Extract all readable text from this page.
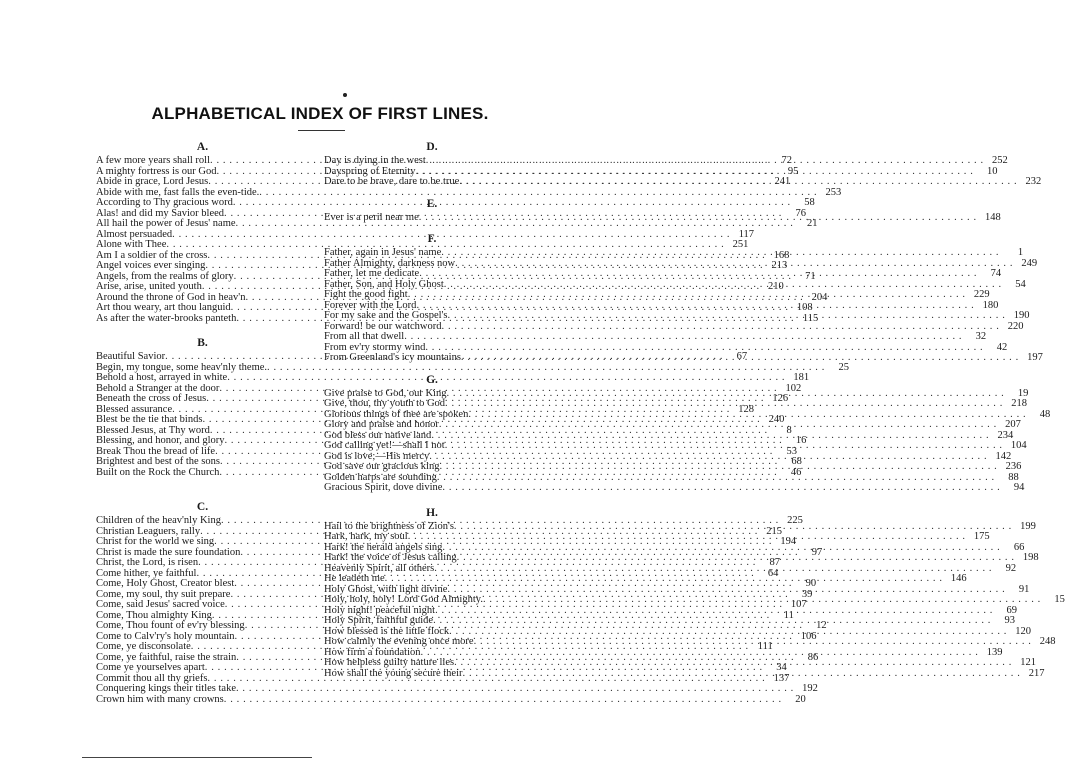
ALPHABETICAL INDEX OF FIRST LINES.
A.
A few more years shall roll . . .	72
A mighty fortress is our God . . .	95
Abide in grace, Lord Jesus . . .	241
Abide with me, fast falls the even-tide. . . .	253
According to Thy gracious word . . .	58
Alas! and did my Savior bleed . . .	76
All hail the power of Jesus' name . . .	21
Almost persuaded . . .	117
Alone with Thee . . .	251
Am I a soldier of the cross . . .	168
Angel voices ever singing . . .	213
Angels, from the realms of glory . . .	71
Arise, arise, united youth . . .	210
Around the throne of God in heav'n . . .	204
Art thou weary, art thou languid . . .	108
As after the water-brooks panteth . . .	115
B.
Beautiful Savior . . .	67
Begin, my tongue, some heav'nly theme. . . .	25
Behold a host, arrayed in white . . .	181
Behold a Stranger at the door . . .	102
Beneath the cross of Jesus . . .	126
Blessed assurance . . .	128
Blest be the tie that binds . . .	240
Blessed Jesus, at Thy word . . .	8
Blessing, and honor, and glory . . .	16
Break Thou the bread of life . . .	53
Brightest and best of the sons . . .	68
Built on the Rock the Church . . .	46
C.
Children of the heav'nly King . . .	225
Christian Leaguers, rally . . .	215
Christ for the world we sing . . .	194
Christ is made the sure foundation . . .	97
Christ, the Lord, is risen . . .	87
Come hither, ye faithful . . .	64
Come, Holy Ghost, Creator blest . . .	90
Come, my soul, thy suit prepare . . .	39
Come, said Jesus' sacred voice . . .	107
Come, Thou almighty King . . .	11
Come, Thou fount of ev'ry blessing . . .	12
Come to Calv'ry's holy mountain . . .	106
Come, ye disconsolate . . .	111
Come, ye faithful, raise the strain . . .	86
Come ye yourselves apart . . .	34
Commit thou all thy griefs . . .	137
Conquering kings their titles take . . .	192
Crown him with many crowns . . .	20
D.
Day is dying in the west . . .	252
Dayspring of Eternity . . .	10
Dare to be brave, dare to be true . . .	232
E.
Ever is a peril near me . . .	148
F.
Father, again in Jesus' name . . .	1
Father Almighty, darkness now . . .	249
Father, let me dedicate . . .	74
Father, Son, and Holy Ghost . . .	54
Fight the good fight . . .	229
Forever with the Lord . . .	180
For my sake and the Gospel's . . .	190
Forward! be our watchword . . .	220
From all that dwell . . .	32
From ev'ry stormy wind . . .	42
From Greenland's icy mountains . . .	197
G.
Give praise to God, our King . . .	19
Give, thou, thy youth to God . . .	218
Glorious things of thee are spoken . . .	48
Glory and praise and honor . . .	207
God bless our native land . . .	234
God calling yet!—shall I not . . .	104
God is love;—His mercy . . .	142
God save our gracious king . . .	236
Golden harps are sounding . . .	88
Gracious Spirit, dove divine . . .	94
H.
Hail to the brightness of Zion's . . .	199
Hark, hark, my soul . . .	175
Hark! the herald angels sing . . .	66
Hark! the voice of Jesus calling . . .	198
Heavenly Spirit, all others . . .	92
He leadeth me . . .	146
Holy Ghost, with light divine . . .	91
Holy, holy, holy! Lord God Almighty. . . .	15
Holy night! peaceful night . . .	69
Holy Spirit, faithful guide . . .	93
How blessed is the little flock . . .	120
How calmly the evening once more . . .	248
How firm a foundation . . .	139
How helpless guilty nature lies . . .	121
How shall the young secure their . . .	217
